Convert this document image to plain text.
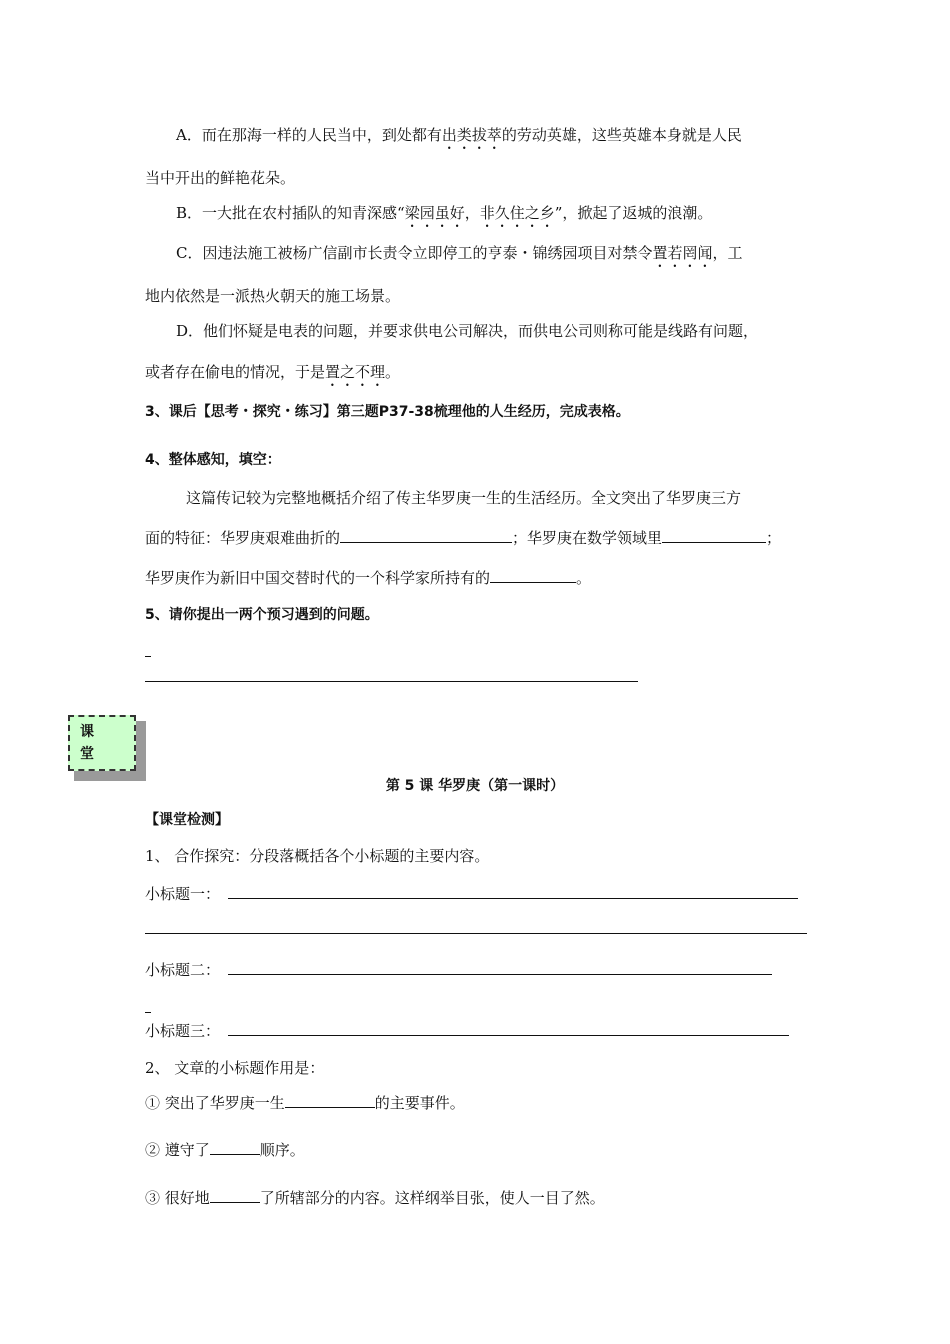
A．而在那海一样的人民当中，到处都有出类拔萃的劳动英雄，这些英雄本身就是人民
当中开出的鲜艳花朵。
B．一大批在农村插队的知青深感“梁园虽好，非久住之乡”，掀起了返城的浪潮。
C．因违法施工被杨广信副市长责令立即停工的亨泰・锦绣园项目对禁令置若罔闻，工
地内依然是一派热火朝天的施工场景。
D．他们怀疑是电表的问题，并要求供电公司解决，而供电公司则称可能是线路有问题，
或者存在偷电的情况，于是置之不理。
3、课后【思考・探究・练习】第三题P37-38梳理他的人生经历，完成表格。
4、整体感知，填空：
这篇传记较为完整地概括介绍了传主华罗庚一生的生活经历。全文突出了华罗庚三方
面的特征：华罗庚艰难曲折的	；华罗庚在数学领域里	；
华罗庚作为新旧中国交替时代的一个科学家所持有的	。
5、请你提出一两个预习遇到的问题。
课
堂
第 5 课 华罗庚（第一课时）
【课堂检测】
1、 合作探究：分段落概括各个小标题的主要内容。
小标题一：
小标题二：
小标题三：
2、 文章的小标题作用是：
① 突出了华罗庚一生	的主要事件。
② 遵守了	顺序。
③ 很好地	了所辖部分的内容。这样纲举目张，使人一目了然。
